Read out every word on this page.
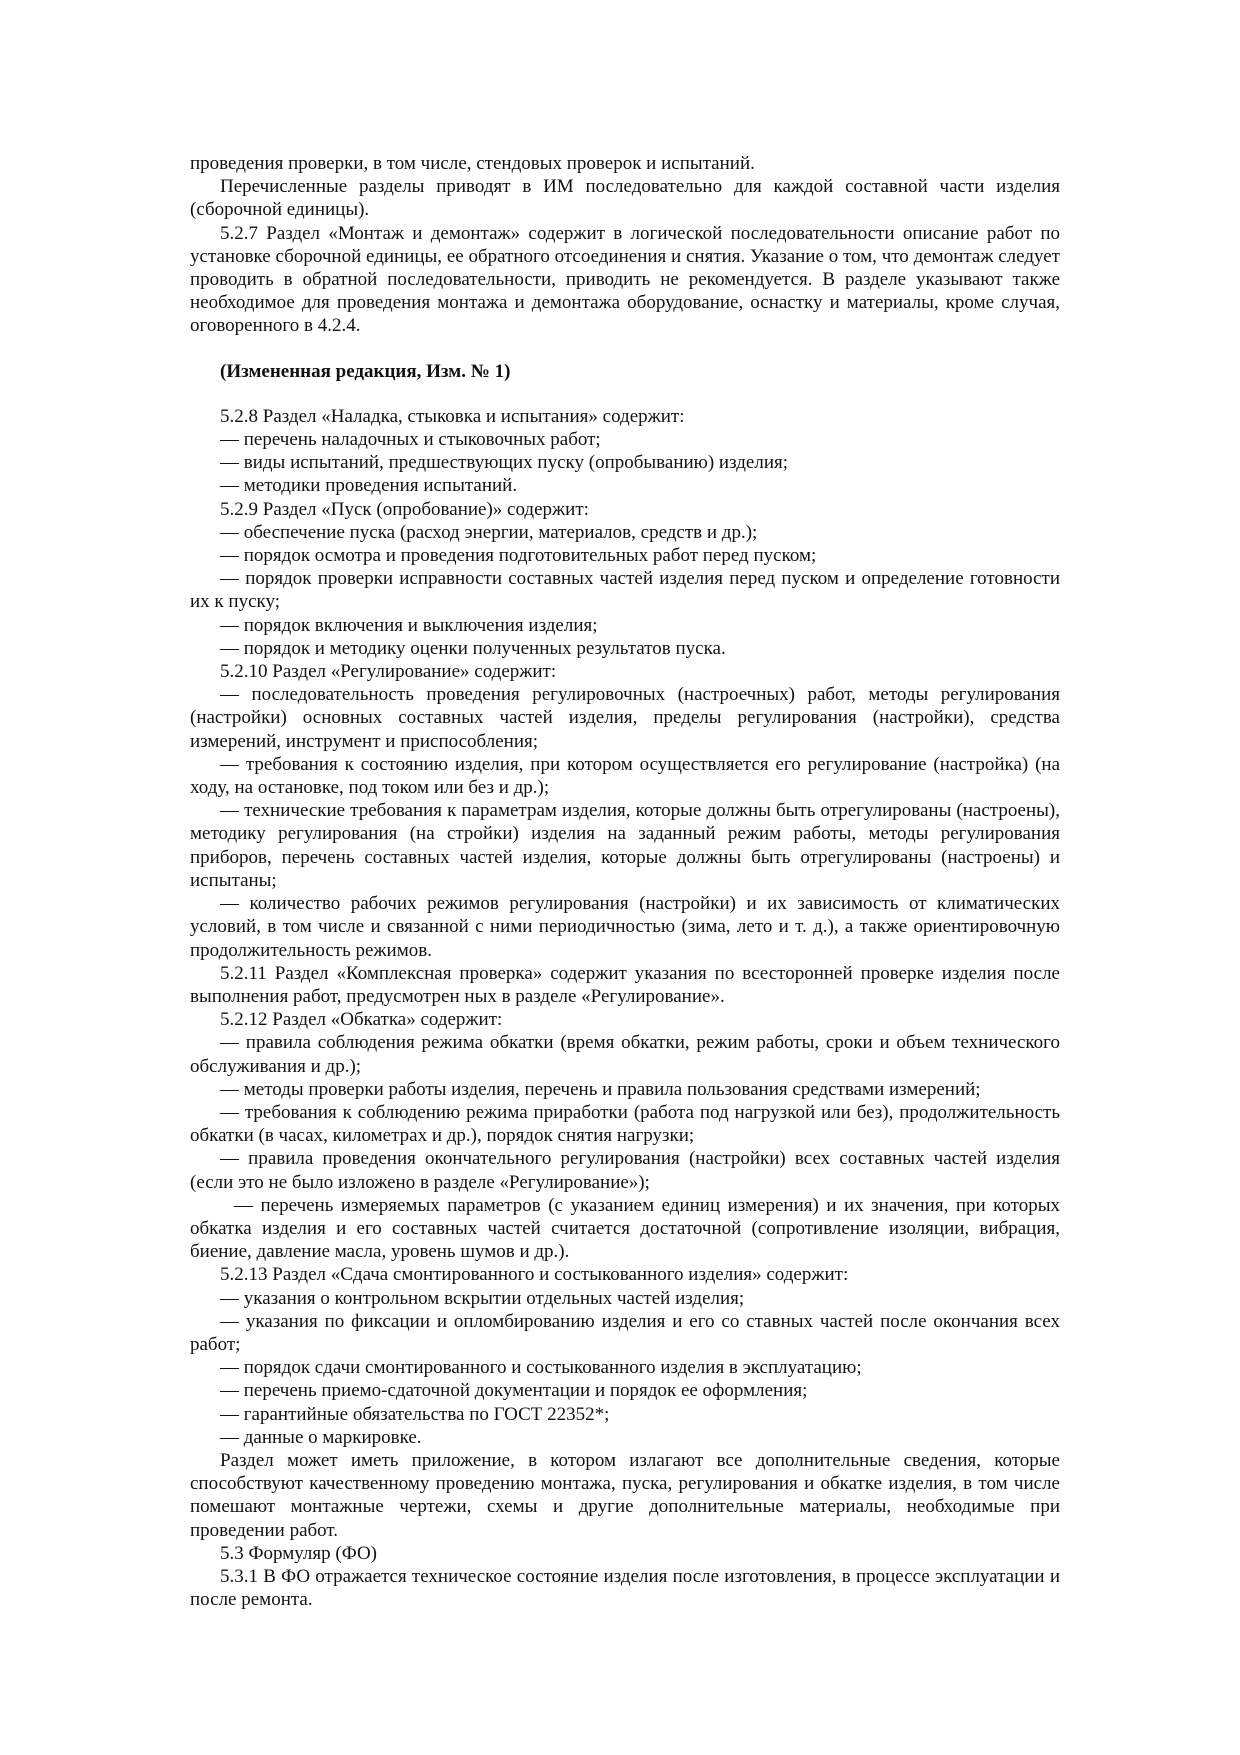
проведения проверки, в том числе, стендовых проверок и испытаний.

Перечисленные разделы приводят в ИМ последовательно для каждой составной части изделия (сборочной единицы).

5.2.7 Раздел «Монтаж и демонтаж» содержит в логической последовательности описание работ по установке сборочной единицы, ее обратного отсоединения и снятия. Указание о том, что демонтаж следует проводить в обратной последовательности, приводить не рекомендуется. В разделе указывают также необходимое для проведения монтажа и демонтажа оборудование, оснастку и материалы, кроме случая, оговоренного в 4.2.4.

(Измененная редакция, Изм. № 1)

5.2.8 Раздел «Наладка, стыковка и испытания» содержит:

— перечень наладочных и стыковочных работ;

— виды испытаний, предшествующих пуску (опробыванию) изделия;

— методики проведения испытаний.

5.2.9 Раздел «Пуск (опробование)» содержит:

— обеспечение пуска (расход энергии, материалов, средств и др.);

— порядок осмотра и проведения подготовительных работ перед пуском;

— порядок проверки исправности составных частей изделия перед пуском и определение готовности их к пуску;

— порядок включения и выключения изделия;

— порядок и методику оценки полученных результатов пуска.

5.2.10 Раздел «Регулирование» содержит:

— последовательность проведения регулировочных (настроечных) работ, методы регулирования (настройки) основных составных частей изделия, пределы регулирования (настройки), средства измерений, инструмент и приспособления;

— требования к состоянию изделия, при котором осуществляется его регулирование (настройка) (на ходу, на остановке, под током или без и др.);

— технические требования к параметрам изделия, которые должны быть отрегулированы (настроены), методику регулирования (на стройки) изделия на заданный режим работы, методы регулирования приборов, перечень составных частей изделия, которые должны быть отрегулированы (настроены) и испытаны;

— количество рабочих режимов регулирования (настройки) и их зависимость от климатических условий, в том числе и связанной с ними периодичностью (зима, лето и т. д.), а также ориентировочную продолжительность режимов.

5.2.11 Раздел «Комплексная проверка» содержит указания по всесторонней проверке изделия после выполнения работ, предусмотрен ных в разделе «Регулирование».

5.2.12 Раздел «Обкатка» содержит:

— правила соблюдения режима обкатки (время обкатки, режим работы, сроки и объем технического обслуживания и др.);

— методы проверки работы изделия, перечень и правила пользования средствами измерений;

— требования к соблюдению режима приработки (работа под нагрузкой или без), продолжительность обкатки (в часах, километрах и др.), порядок снятия нагрузки;

— правила проведения окончательного регулирования (настройки) всех составных частей изделия (если это не было изложено в разделе «Регулирование»);

— перечень измеряемых параметров (с указанием единиц измерения) и их значения, при которых обкатка изделия и его составных частей считается достаточной (сопротивление изоляции, вибрация, биение, давление масла, уровень шумов и др.).

5.2.13 Раздел «Сдача смонтированного и состыкованного изделия» содержит:

— указания о контрольном вскрытии отдельных частей изделия;

— указания по фиксации и опломбированию изделия и его со ставных частей после окончания всех работ;

— порядок сдачи смонтированного и состыкованного изделия в эксплуатацию;

— перечень приемо-сдаточной документации и порядок ее оформления;

— гарантийные обязательства по ГОСТ 22352*;

— данные о маркировке.

Раздел может иметь приложение, в котором излагают все дополнительные сведения, которые способствуют качественному проведению монтажа, пуска, регулирования и обкатке изделия, в том числе помешают монтажные чертежи, схемы и другие дополнительные материалы, необходимые при проведении работ.

5.3 Формуляр (ФО)

5.3.1 В ФО отражается техническое состояние изделия после изготовления, в процессе эксплуатации и после ремонта.
